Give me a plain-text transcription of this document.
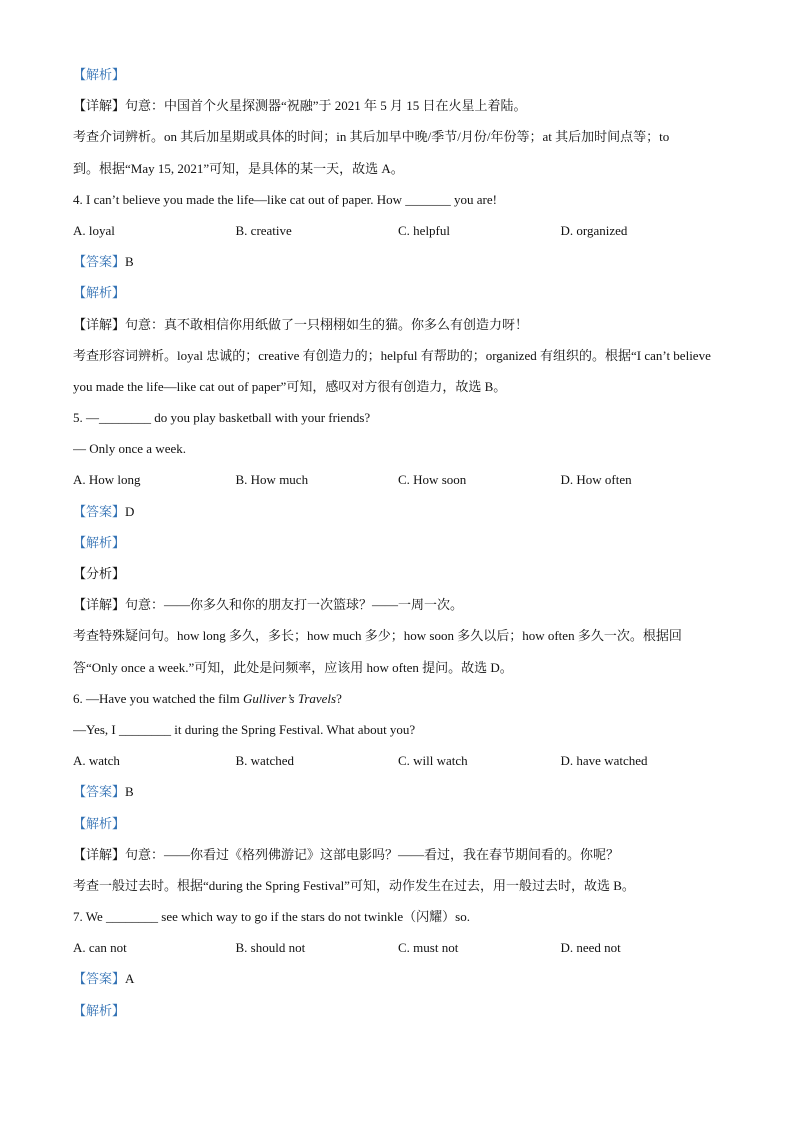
【解析】
【详解】句意：中国首个火星探测器“祝融”于 2021 年 5 月 15 日在火星上着陆。
考查介词辨析。on 其后加星期或具体的时间；in 其后加早中晚/季节/月份/年份等；at 其后加时间点等；to
到。根据“May 15, 2021”可知，是具体的某一天，故选 A。
4. I can’t believe you made the life—like cat out of paper. How _______ you are!
A. loyal	B. creative	C. helpful	D. organized
【答案】B
【解析】
【详解】句意：真不敢相信你用纸做了一只栩栩如生的猫。你多么有创造力呀！
考查形容词辨析。loyal 忠诚的；creative 有创造力的；helpful 有帮助的；organized 有组织的。根据“I can’t believe
you made the life—like cat out of paper”可知，感叹对方很有创造力，故选 B。
5. —________ do you play basketball with your friends?
— Only once a week.
A. How long	B. How much	C. How soon	D. How often
【答案】D
【解析】
【分析】
【详解】句意：——你多久和你的朋友打一次篮球？——一周一次。
考查特殊疑问句。how long 多久，多长；how much 多少；how soon 多久以后；how often 多久一次。根据回
答“Only once a week.”可知，此处是问频率，应该用 how often 提问。故选 D。
6. —Have you watched the film Gulliver’s Travels?
—Yes, I ________ it during the Spring Festival. What about you?
A. watch	B. watched	C. will watch	D. have watched
【答案】B
【解析】
【详解】句意：——你看过《格列佛游记》这部电影吗？——看过，我在春节期间看的。你呢？
考查一般过去时。根据“during the Spring Festival”可知，动作发生在过去，用一般过去时，故选 B。
7. We ________ see which way to go if the stars do not twinkle（闪耀）so.
A. can not	B. should not	C. must not	D. need not
【答案】A
【解析】
